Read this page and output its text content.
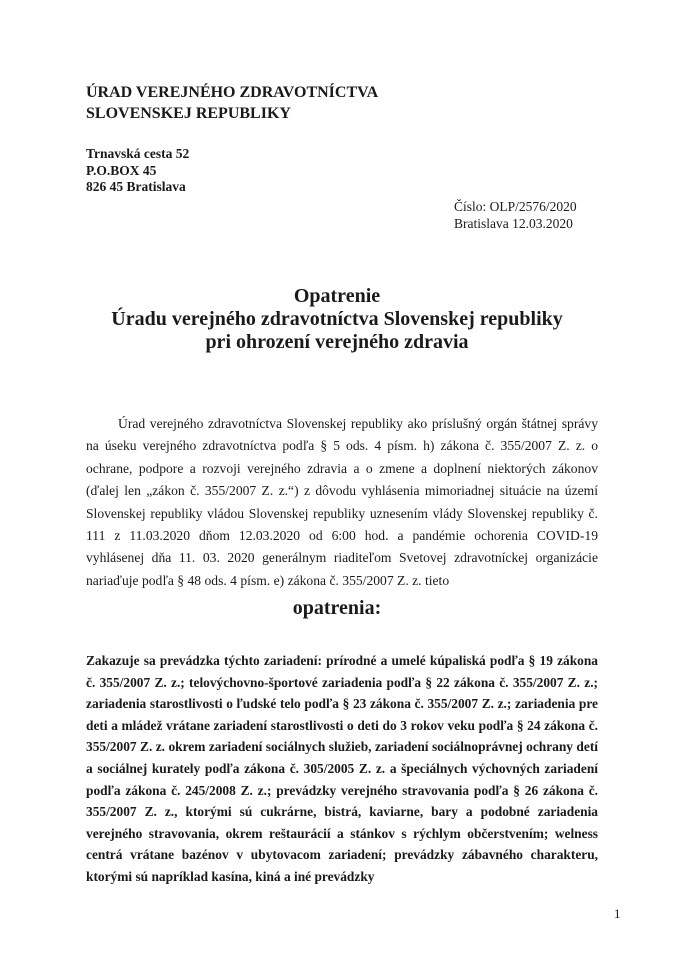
ÚRAD VEREJNÉHO ZDRAVOTNÍCTVA
SLOVENSKEJ REPUBLIKY
Trnavská cesta 52
P.O.BOX 45
826 45 Bratislava
Číslo: OLP/2576/2020
Bratislava 12.03.2020
Opatrenie
Úradu verejného zdravotníctva Slovenskej republiky
pri ohrození verejného zdravia

Úrad verejného zdravotníctva Slovenskej republiky ako príslušný orgán štátnej správy na úseku verejného zdravotníctva podľa § 5 ods. 4 písm. h) zákona č. 355/2007 Z. z. o ochrane, podpore a rozvoji verejného zdravia a o zmene a doplnení niektorých zákonov (ďalej len „zákon č. 355/2007 Z. z.“) z dôvodu vyhlásenia mimoriadnej situácie na území Slovenskej republiky vládou Slovenskej republiky uznesením vlády Slovenskej republiky č. 111 z 11.03.2020 dňom 12.03.2020 od 6:00 hod. a pandémie ochorenia COVID-19 vyhlásenej dňa 11. 03. 2020 generálnym riaditeľom Svetovej zdravotníckej organizácie nariaďuje podľa § 48 ods. 4 písm. e) zákona č. 355/2007 Z. z. tieto

opatrenia:

Zakazuje sa prevádzka týchto zariadení: prírodné a umelé kúpaliská podľa § 19 zákona č. 355/2007 Z. z.; telovýchovno-športové zariadenia podľa § 22 zákona č. 355/2007 Z. z.; zariadenia starostlivosti o ľudské telo podľa § 23 zákona č. 355/2007 Z. z.; zariadenia pre deti a mládež vrátane zariadení starostlivosti o deti do 3 rokov veku podľa § 24 zákona č. 355/2007 Z. z. okrem zariadení sociálnych služieb, zariadení sociálnoprávnej ochrany detí a sociálnej kurately podľa zákona č. 305/2005 Z. z. a špeciálnych výchovných zariadení podľa zákona č. 245/2008 Z. z.; prevádzky verejného stravovania podľa § 26 zákona č. 355/2007 Z. z., ktorými sú cukrárne, bistrá, kaviarne, bary a podobné zariadenia verejného stravovania, okrem reštaurácií a stánkov s rýchlym občerstvením; welness centrá vrátane bazénov v ubytovacom zariadení; prevádzky zábavného charakteru, ktorými sú napríklad kasína, kiná a iné prevádzky

1
